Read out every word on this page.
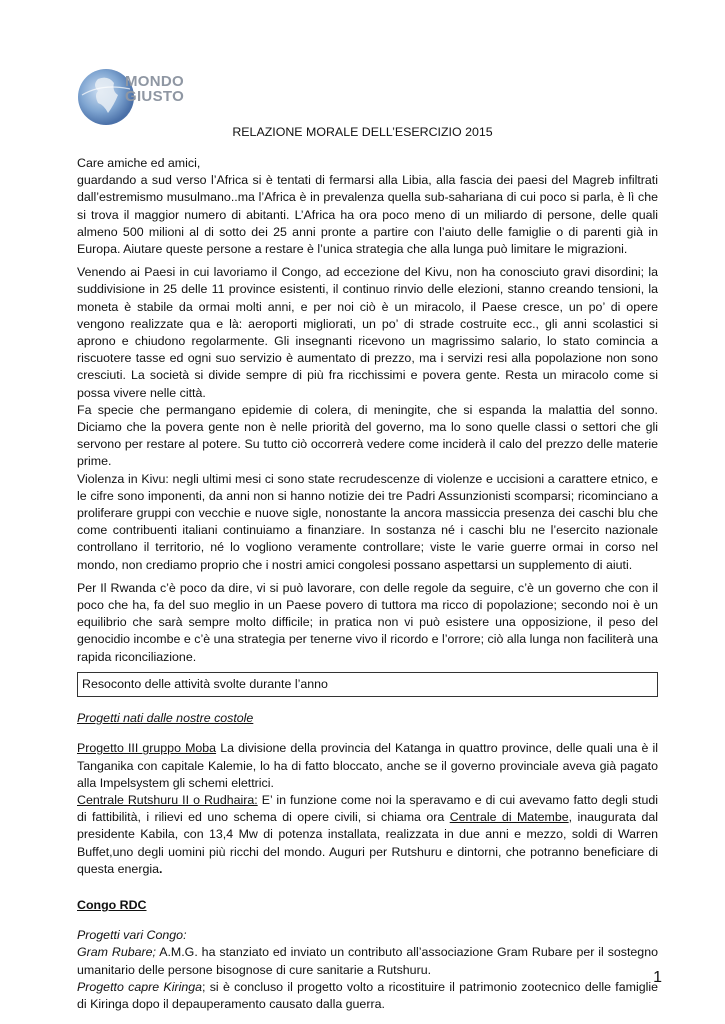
MONDO
GIUSTO
RELAZIONE MORALE DELL’ESERCIZIO 2015

Care amiche ed amici,

guardando a sud verso l’Africa si è tentati di fermarsi alla Libia, alla fascia dei paesi del Magreb infiltrati dall’estremismo musulmano..ma l’Africa è in prevalenza quella sub-sahariana di cui poco si parla, è lì che si trova il maggior numero di abitanti. L’Africa ha ora poco meno di un miliardo di persone, delle quali almeno 500 milioni al di sotto dei 25 anni pronte a partire con l’aiuto delle famiglie o di parenti già in Europa. Aiutare queste persone a restare è l’unica strategia che alla lunga può limitare le migrazioni.

Venendo ai Paesi in cui lavoriamo il Congo, ad eccezione del Kivu, non ha conosciuto gravi disordini; la suddivisione in 25 delle 11 province esistenti, il continuo rinvio delle elezioni, stanno creando tensioni, la moneta è stabile da ormai molti anni, e per noi ciò è un miracolo, il Paese cresce, un po’ di opere vengono realizzate qua e là: aeroporti migliorati, un po’ di strade costruite ecc., gli anni scolastici si aprono e chiudono regolarmente. Gli insegnanti ricevono un magrissimo salario, lo stato comincia a riscuotere tasse ed ogni suo servizio è aumentato di prezzo, ma i servizi resi alla popolazione non sono cresciuti. La società si divide sempre di più fra ricchissimi e povera gente. Resta un miracolo come si possa vivere nelle città.

Fa specie che permangano epidemie di colera, di meningite, che si espanda la malattia del sonno. Diciamo che la povera gente non è nelle priorità del governo, ma lo sono quelle classi o settori che gli servono per restare al potere. Su tutto ciò occorrerà vedere come inciderà il calo del prezzo delle materie prime.

Violenza in Kivu: negli ultimi mesi ci sono state recrudescenze di violenze e uccisioni a carattere etnico, e le cifre sono imponenti, da anni non si hanno notizie dei tre Padri Assunzionisti scomparsi; ricominciano a proliferare gruppi con vecchie e nuove sigle, nonostante la ancora massiccia presenza dei caschi blu che come contribuenti italiani continuiamo a finanziare. In sostanza né i caschi blu ne l’esercito nazionale controllano il territorio, né lo vogliono veramente controllare; viste le varie guerre ormai in corso nel mondo, non crediamo proprio che i nostri amici congolesi possano aspettarsi un supplemento di aiuti.

Per Il Rwanda c’è poco da dire, vi si può lavorare, con delle regole da seguire, c’è un governo che con il poco che ha, fa del suo meglio in un Paese povero di tuttora ma ricco di popolazione; secondo noi è un equilibrio che sarà sempre molto difficile; in pratica non vi può esistere una opposizione, il peso del genocidio incombe e c’è una strategia per tenerne vivo il ricordo e l’orrore; ciò alla lunga non faciliterà una rapida riconciliazione.

Resoconto delle attività svolte durante l’anno

Progetti nati dalle nostre costole

Progetto III gruppo Moba La divisione della provincia del Katanga in quattro province, delle quali una è il Tanganika con capitale Kalemie, lo ha di fatto bloccato, anche se il governo provinciale aveva già pagato alla Impelsystem gli schemi elettrici.

Centrale Rutshuru II o Rudhaira: E’ in funzione come noi la speravamo e di cui avevamo fatto degli studi di fattibilità, i rilievi ed uno schema di opere civili, si chiama ora Centrale di Matembe, inaugurata dal presidente Kabila, con 13,4 Mw di potenza installata, realizzata in due anni e mezzo, soldi di Warren Buffet,uno degli uomini più ricchi del mondo. Auguri per Rutshuru e dintorni, che potranno beneficiare di questa energia.

Congo RDC

Progetti vari Congo:

Gram Rubare; A.M.G. ha stanziato ed inviato un contributo all’associazione Gram Rubare per il sostegno umanitario delle persone bisognose di cure sanitarie a Rutshuru.

Progetto capre Kiringa; si è concluso il progetto volto a ricostituire il patrimonio zootecnico delle famiglie di Kiringa dopo il depauperamento causato dalla guerra.

1
